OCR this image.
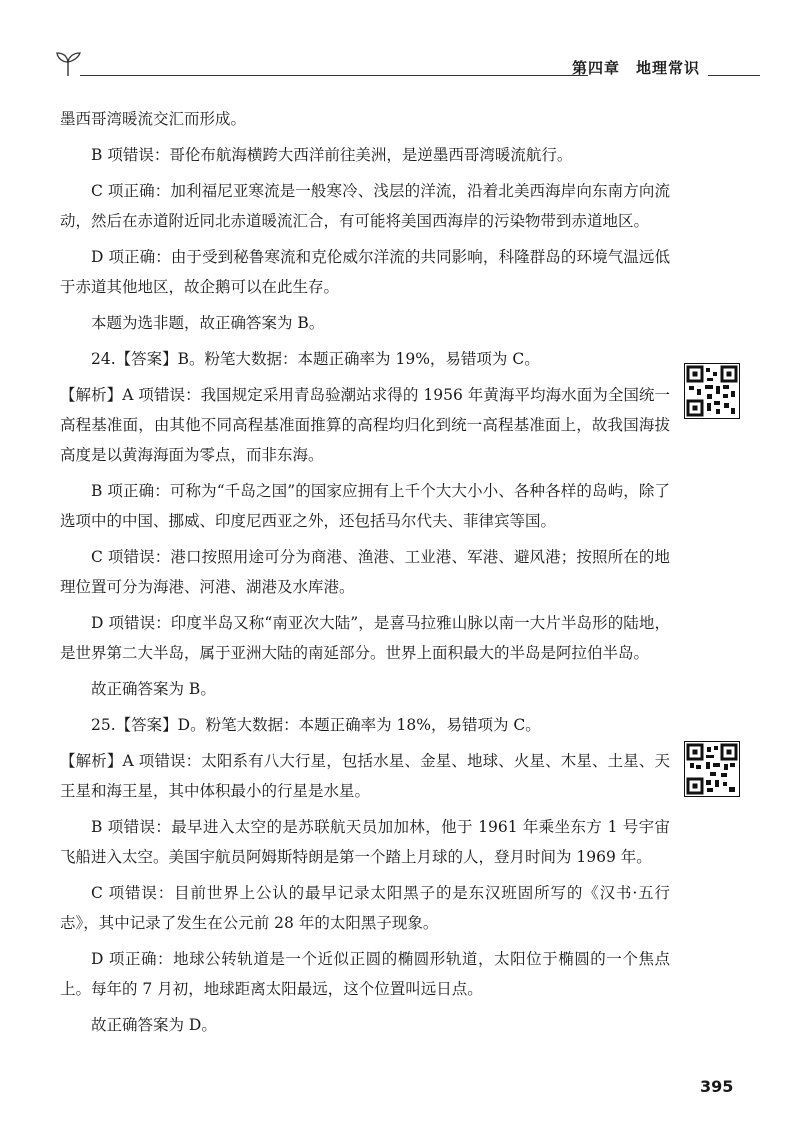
第四章　地理常识

墨西哥湾暖流交汇而形成。

B 项错误：哥伦布航海横跨大西洋前往美洲，是逆墨西哥湾暖流航行。

C 项正确：加利福尼亚寒流是一般寒冷、浅层的洋流，沿着北美西海岸向东南方向流动，然后在赤道附近同北赤道暖流汇合，有可能将美国西海岸的污染物带到赤道地区。

D 项正确：由于受到秘鲁寒流和克伦威尔洋流的共同影响，科隆群岛的环境气温远低于赤道其他地区，故企鹅可以在此生存。

本题为选非题，故正确答案为 B。

24.【答案】B。粉笔大数据：本题正确率为 19%，易错项为 C。

【解析】A 项错误：我国规定采用青岛验潮站求得的 1956 年黄海平均海水面为全国统一高程基准面，由其他不同高程基准面推算的高程均归化到统一高程基准面上，故我国海拔高度是以黄海海面为零点，而非东海。

B 项正确：可称为“千岛之国”的国家应拥有上千个大大小小、各种各样的岛屿，除了选项中的中国、挪威、印度尼西亚之外，还包括马尔代夫、菲律宾等国。

C 项错误：港口按照用途可分为商港、渔港、工业港、军港、避风港；按照所在的地理位置可分为海港、河港、湖港及水库港。

D 项错误：印度半岛又称“南亚次大陆”，是喜马拉雅山脉以南一大片半岛形的陆地，是世界第二大半岛，属于亚洲大陆的南延部分。世界上面积最大的半岛是阿拉伯半岛。

故正确答案为 B。

25.【答案】D。粉笔大数据：本题正确率为 18%，易错项为 C。

【解析】A 项错误：太阳系有八大行星，包括水星、金星、地球、火星、木星、土星、天王星和海王星，其中体积最小的行星是水星。

B 项错误：最早进入太空的是苏联航天员加加林，他于 1961 年乘坐东方 1 号宇宙飞船进入太空。美国宇航员阿姆斯特朗是第一个踏上月球的人，登月时间为 1969 年。

C 项错误：目前世界上公认的最早记录太阳黑子的是东汉班固所写的《汉书·五行志》，其中记录了发生在公元前 28 年的太阳黑子现象。

D 项正确：地球公转轨道是一个近似正圆的椭圆形轨道，太阳位于椭圆的一个焦点上。每年的 7 月初，地球距离太阳最远，这个位置叫远日点。

故正确答案为 D。

395
